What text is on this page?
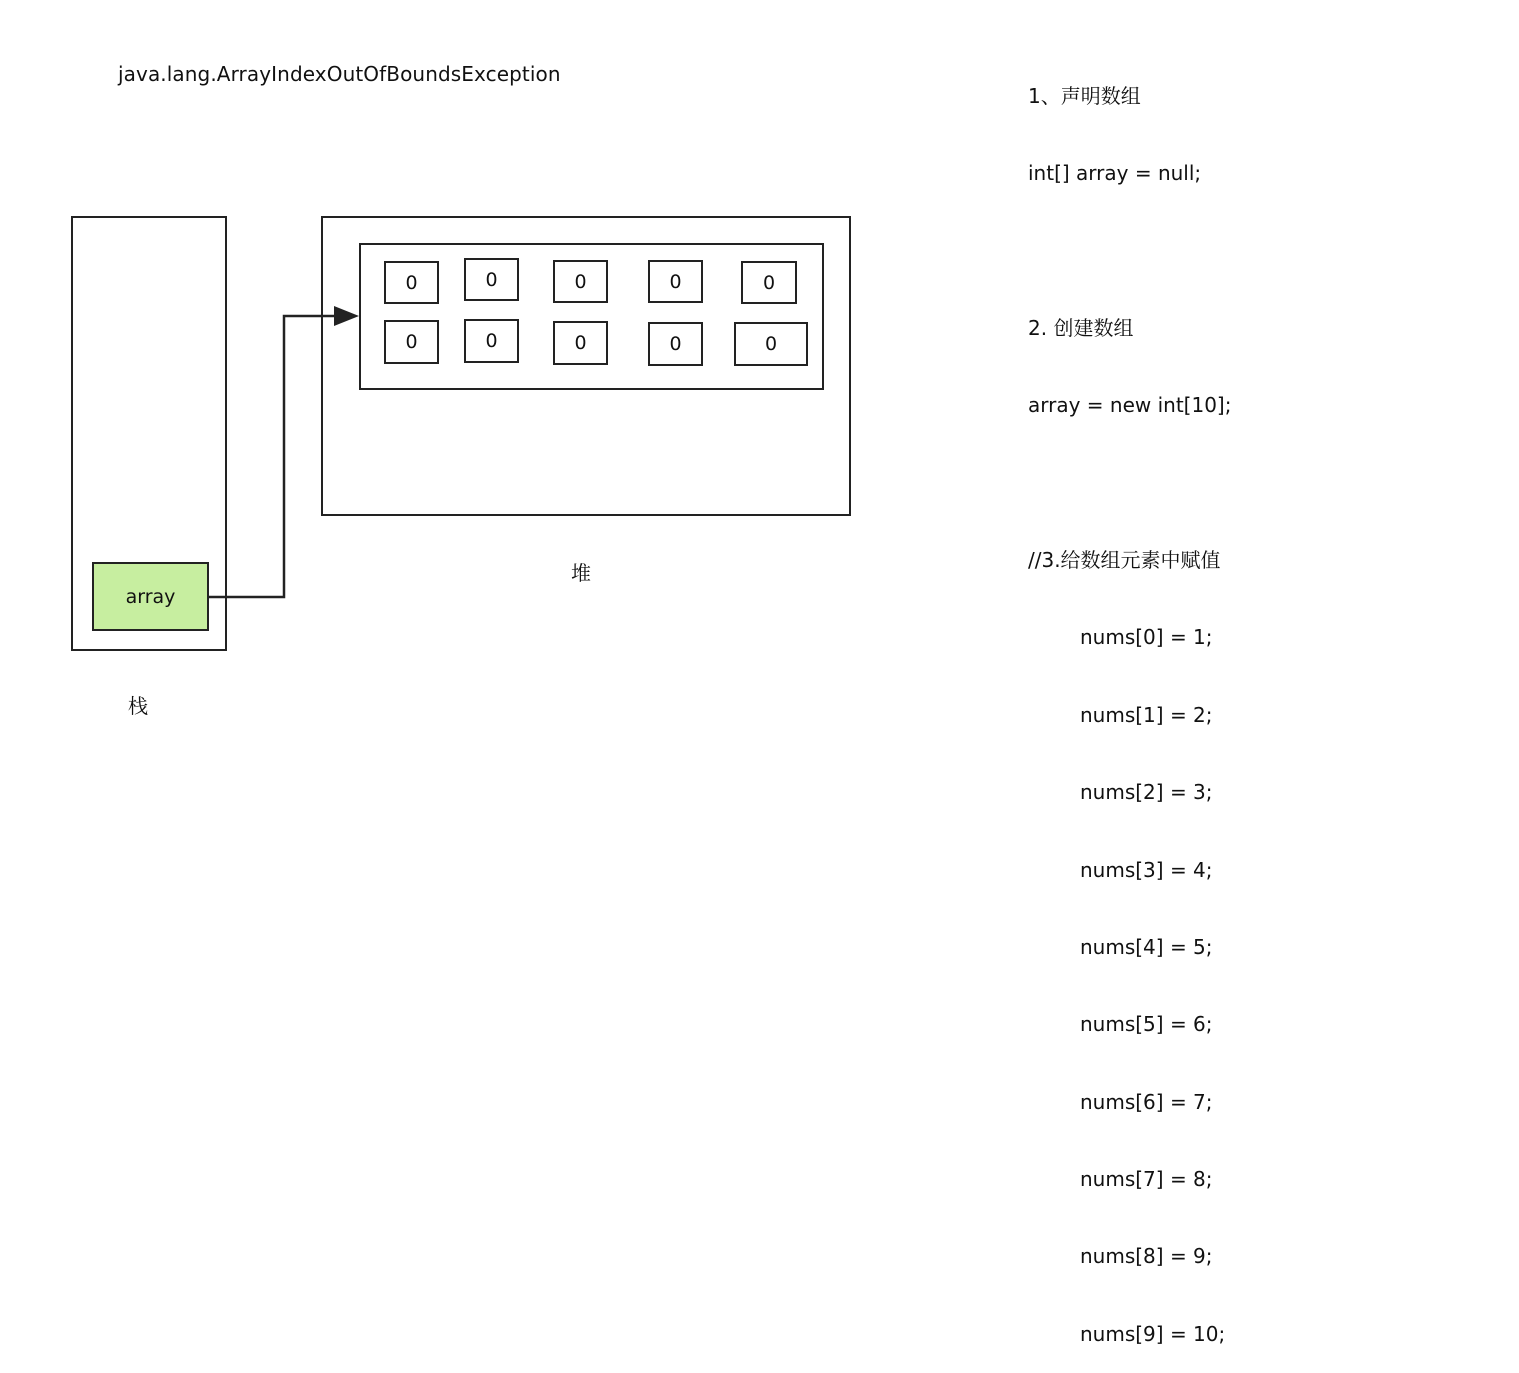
java.lang.ArrayIndexOutOfBoundsException
array
栈
0	0	0	0	0
0	0	0	0	0
堆

1、声明数组

int[] array = null;

2. 创建数组

array = new int[10];

//3.给数组元素中赋值

nums[0] = 1;

nums[1] = 2;

nums[2] = 3;

nums[3] = 4;

nums[4] = 5;

nums[5] = 6;

nums[6] = 7;

nums[7] = 8;

nums[8] = 9;

nums[9] = 10;
